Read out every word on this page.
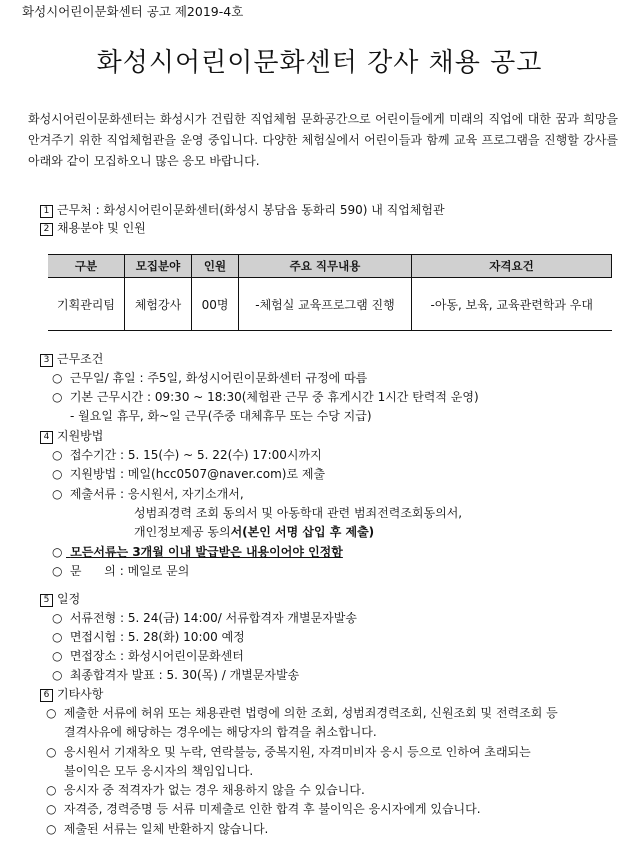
화성시어린이문화센터 공고 제2019-4호
화성시어린이문화센터 강사 채용 공고
화성시어린이문화센터는 화성시가 건립한 직업체험 문화공간으로 어린이들에게 미래의 직업에 대한 꿈과 희망을 안겨주기 위한 직업체험관을 운영 중입니다. 다양한 체험실에서 어린이들과 함께 교육 프로그램을 진행할 강사를 아래와 같이 모집하오니 많은 응모 바랍니다.
1 근무처 : 화성시어린이문화센터(화성시 봉담읍 동화리 590) 내 직업체험관
2 채용분야 및 인원
구분	모집분야	인원	주요 직무내용	자격요건
기획관리팀	체험강사	00명	-체험실 교육프로그램 진행	-아동, 보육, 교육관련학과 우대
3 근무조건
○ 근무일/ 휴일 : 주5일, 화성시어린이문화센터 규정에 따름
○ 기본 근무시간 : 09:30 ~ 18:30(체험관 근무 중 휴게시간 1시간 탄력적 운영)
- 월요일 휴무, 화~일 근무(주중 대체휴무 또는 수당 지급)
4 지원방법
○ 접수기간 : 5. 15(수) ~ 5. 22(수) 17:00시까지
○ 지원방법 : 메일(hcc0507@naver.com)로 제출
○ 제출서류 : 응시원서, 자기소개서,
성범죄경력 조회 동의서 및 아동학대 관련 범죄전력조회동의서,
개인정보제공 동의서(본인 서명 삽입 후 제출)
○ 모든서류는 3개월 이내 발급받은 내용이어야 인정함
○ 문      의 : 메일로 문의
5 일정
○ 서류전형 : 5. 24(금) 14:00/ 서류합격자 개별문자발송
○ 면접시험 : 5. 28(화) 10:00 예정
○ 면접장소 : 화성시어린이문화센터
○ 최종합격자 발표 : 5. 30(목) / 개별문자발송
6 기타사항
○ 제출한 서류에 허위 또는 채용관련 법령에 의한 조회, 성범죄경력조회, 신원조회 및 전력조회 등
결격사유에 해당하는 경우에는 해당자의 합격을 취소합니다.
○ 응시원서 기재착오 및 누락, 연락불능, 중복지원, 자격미비자 응시 등으로 인하여 초래되는
불이익은 모두 응시자의 책임입니다.
○ 응시자 중 적격자가 없는 경우 채용하지 않을 수 있습니다.
○ 자격증, 경력증명 등 서류 미제출로 인한 합격 후 불이익은 응시자에게 있습니다.
○ 제출된 서류는 일체 반환하지 않습니다.
